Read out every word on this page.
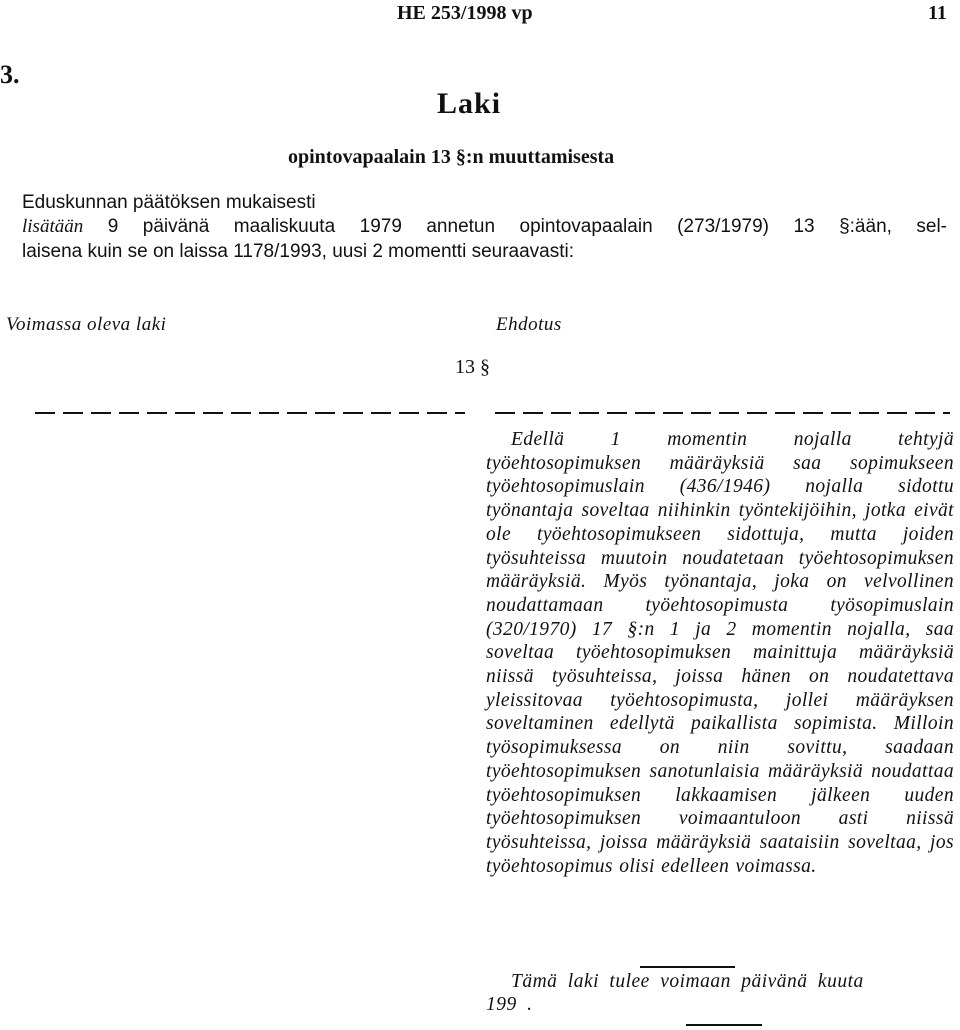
HE 253/1998 vp	11
3.
Laki
opintovapaalain 13 §:n muuttamisesta
Eduskunnan päätöksen mukaisesti
lisätään 9 päivänä maaliskuuta 1979 annetun opintovapaalain (273/1979) 13 §:ään, sel-
laisena kuin se on laissa 1178/1993, uusi 2 momentti seuraavasti:
Voimassa oleva laki	Ehdotus
13 §

Edellä 1 momentin nojalla tehtyjä työehtosopimuksen määräyksiä saa sopimukseen työehtosopimuslain (436/1946) nojalla sidottu työnantaja soveltaa niihinkin työntekijöihin, jotka eivät ole työehtosopimukseen sidottuja, mutta joiden työsuhteissa muutoin noudatetaan työehtosopimuksen määräyksiä. Myös työnantaja, joka on velvollinen noudattamaan työehtosopimusta työsopimuslain (320/1970) 17 §:n 1 ja 2 momentin nojalla, saa soveltaa työehtosopimuksen mainittuja määräyksiä niissä työsuhteissa, joissa hänen on noudatettava yleissitovaa työehtosopimusta, jollei määräyksen soveltaminen edellytä paikallista sopimista. Milloin työsopimuksessa on niin sovittu, saadaan työehtosopimuksen sanotunlaisia määräyksiä noudattaa työehtosopimuksen lakkaamisen jälkeen uuden työehtosopimuksen voimaantuloon asti niissä työsuhteissa, joissa määräyksiä saataisiin soveltaa, jos työehtosopimus olisi edelleen voimassa.

Tämä laki tulee voimaan päivänä kuuta
199 .
